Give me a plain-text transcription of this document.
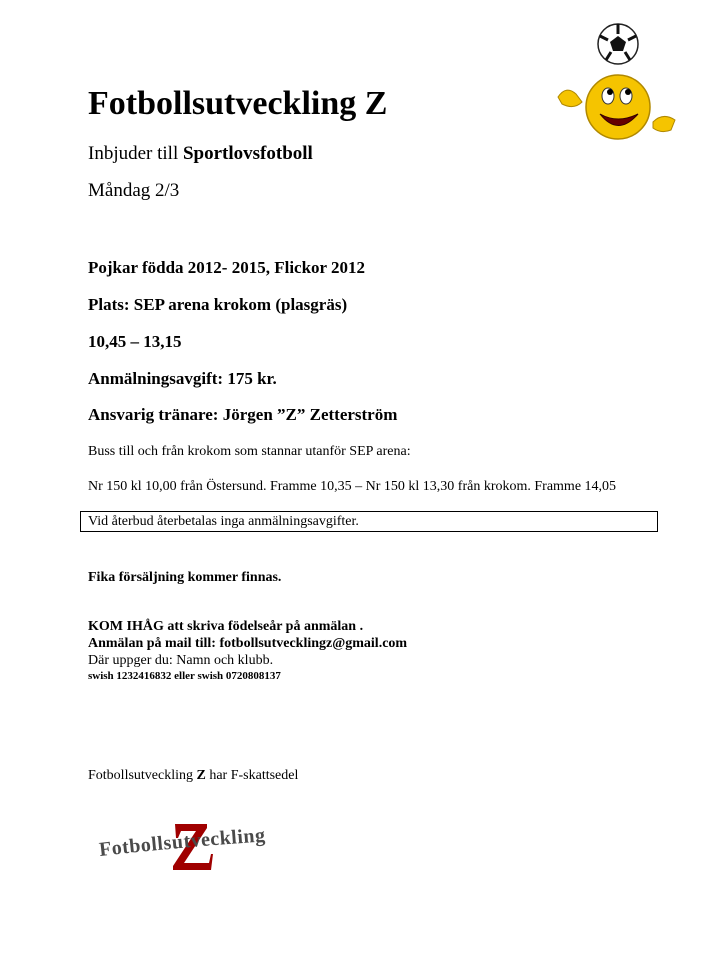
Fotbollsutveckling Z
Inbjuder till Sportlovsfotboll
Måndag 2/3
Pojkar födda 2012- 2015, Flickor 2012
Plats: SEP arena krokom (plasgräs)
10,45 – 13,15
Anmälningsavgift: 175 kr.
Ansvarig tränare: Jörgen ”Z” Zetterström
Buss till och från krokom som stannar utanför SEP arena:
Nr 150 kl 10,00 från Östersund. Framme 10,35 – Nr 150 kl 13,30 från krokom. Framme 14,05
Vid återbud återbetalas inga anmälningsavgifter.
Fika försäljning kommer finnas.
KOM IHÅG att skriva födelseår på anmälan .
Anmälan på mail till: fotbollsutvecklingz@gmail.com
Där uppger du: Namn och klubb.
swish 1232416832 eller swish 0720808137
Fotbollsutveckling Z har F-skattsedel
Fotbollsutveckling
